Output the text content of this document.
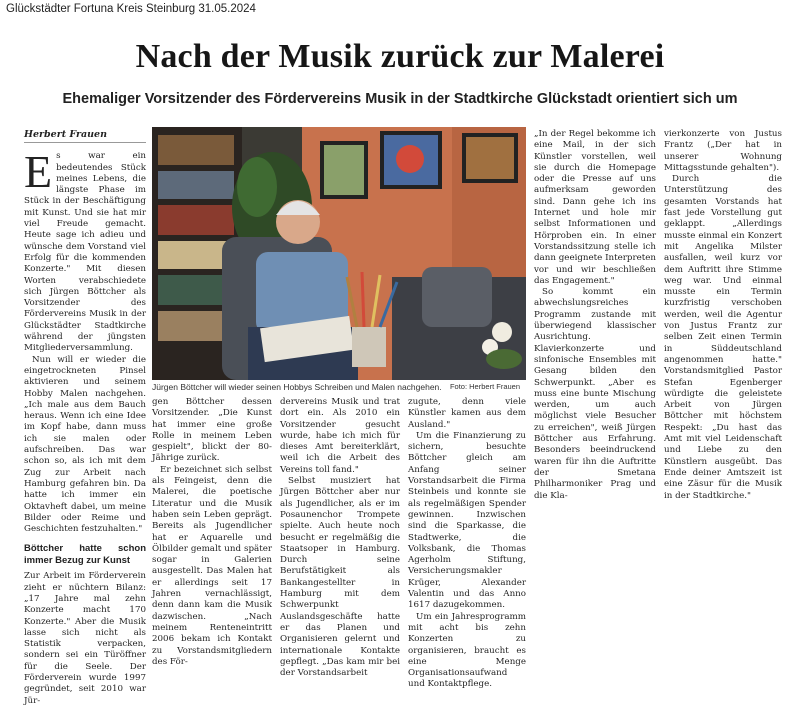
Glückstädter Fortuna Kreis Steinburg 31.05.2024
Nach der Musik zurück zur Malerei
Ehemaliger Vorsitzender des Fördervereins Musik in der Stadtkirche Glückstadt orientiert sich um
Herbert Frauen

Es war ein bedeutendes Stück meines Lebens, die längste Phase im Stück in der Beschäftigung mit Kunst. Und sie hat mir viel Freude gemacht. Heute sage ich adieu und wünsche dem Vorstand viel Erfolg für die kommenden Konzerte." Mit diesen Worten verabschiedete sich Jürgen Böttcher als Vorsitzender des Fördervereins Musik in der Glückstädter Stadtkirche während der jüngsten Mitgliederversammlung.

Nun will er wieder die eingetrockneten Pinsel aktivieren und seinem Hobby Malen nachgehen. „Ich male aus dem Bauch heraus. Wenn ich eine Idee im Kopf habe, dann muss ich sie malen oder aufschreiben. Das war schon so, als ich mit dem Zug zur Arbeit nach Hamburg gefahren bin. Da hatte ich immer ein Oktavheft dabei, um meine Bilder oder Reime und Geschichten festzuhalten."

Böttcher hatte schon immer Bezug zur Kunst

Zur Arbeit im Förderverein zieht er nüchtern Bilanz: „17 Jahre mal zehn Konzerte macht 170 Konzerte." Aber die Musik lasse sich nicht als Statistik verpacken, sondern sei ein Türöffner für die Seele. Der Förderverein wurde 1997 gegründet, seit 2010 war Jür-

Jürgen Böttcher will wieder seinen Hobbys Schreiben und Malen nachgehen. Foto: Herbert Frauen

gen Böttcher dessen Vorsitzender. „Die Kunst hat immer eine große Rolle in meinem Leben gespielt", blickt der 80-Jährige zurück.

Er bezeichnet sich selbst als Feingeist, denn die Malerei, die poetische Literatur und die Musik haben sein Leben geprägt. Bereits als Jugendlicher hat er Aquarelle und Ölbilder gemalt und später sogar in Galerien ausgestellt. Das Malen hat er allerdings seit 17 Jahren vernachlässigt, denn dann kam die Musik dazwischen. „Nach meinem Renteneintritt 2006 bekam ich Kontakt zu Vorstandsmitgliedern des För-

dervereins Musik und trat dort ein. Als 2010 ein Vorsitzender gesucht wurde, habe ich mich für dieses Amt bereiterklärt, weil ich die Arbeit des Vereins toll fand."

Selbst musiziert hat Jürgen Böttcher aber nur als Jugendlicher, als er im Posaunenchor Trompete spielte. Auch heute noch besucht er regelmäßig die Staatsoper in Hamburg. Durch seine Berufstätigkeit als Bankangestellter in Hamburg mit dem Schwerpunkt Auslandsgeschäfte hatte er das Planen und Organisieren gelernt und internationale Kontakte gepflegt. „Das kam mir bei der Vorstandsarbeit

„In der Regel bekomme ich eine Mail, in der sich Künstler vorstellen, weil sie durch die Homepage oder die Presse auf uns aufmerksam geworden sind. Dann gehe ich ins Internet und hole mir selbst Informationen und Hörproben ein. In einer Vorstandssitzung stelle ich dann geeignete Interpreten vor und wir beschließen das Engagement."

So kommt ein abwechslungsreiches Programm zustande mit überwiegend klassischer Ausrichtung. Klavierkonzerte und sinfonische Ensembles mit Gesang bilden den Schwerpunkt. „Aber es muss eine bunte Mischung werden, um auch möglichst viele Besucher zu erreichen", weiß Jürgen Böttcher aus Erfahrung. Besonders beeindruckend waren für ihn die Auftritte der Smetana Philharmoniker Prag und die Kla-

zugute, denn viele Künstler kamen aus dem Ausland."

Um die Finanzierung zu sichern, besuchte Böttcher gleich am Anfang seiner Vorstandsarbeit die Firma Steinbeis und konnte sie als regelmäßigen Spender gewinnen. Inzwischen sind die Sparkasse, die Stadtwerke, die Volksbank, die Thomas Agerholm Stiftung, Versicherungsmakler Krüger, Alexander Valentin und das Anno 1617 dazugekommen.

Um ein Jahresprogramm mit acht bis zehn Konzerten zu organisieren, braucht es eine Menge Organisationsaufwand und Kontaktpflege.

vierkonzerte von Justus Frantz („Der hat in unserer Wohnung Mittagsstunde gehalten").

Durch die Unterstützung des gesamten Vorstands hat fast jede Vorstellung gut geklappt. „Allerdings musste einmal ein Konzert mit Angelika Milster ausfallen, weil kurz vor dem Auftritt ihre Stimme weg war. Und einmal musste ein Termin kurzfristig verschoben werden, weil die Agentur von Justus Frantz zur selben Zeit einen Termin in Süddeutschland angenommen hatte." Vorstandsmitglied Pastor Stefan Egenberger würdigte die geleistete Arbeit von Jürgen Böttcher mit höchstem Respekt: „Du hast das Amt mit viel Leidenschaft und Liebe zu den Künstlern ausgeübt. Das Ende deiner Amtszeit ist eine Zäsur für die Musik in der Stadtkirche."
